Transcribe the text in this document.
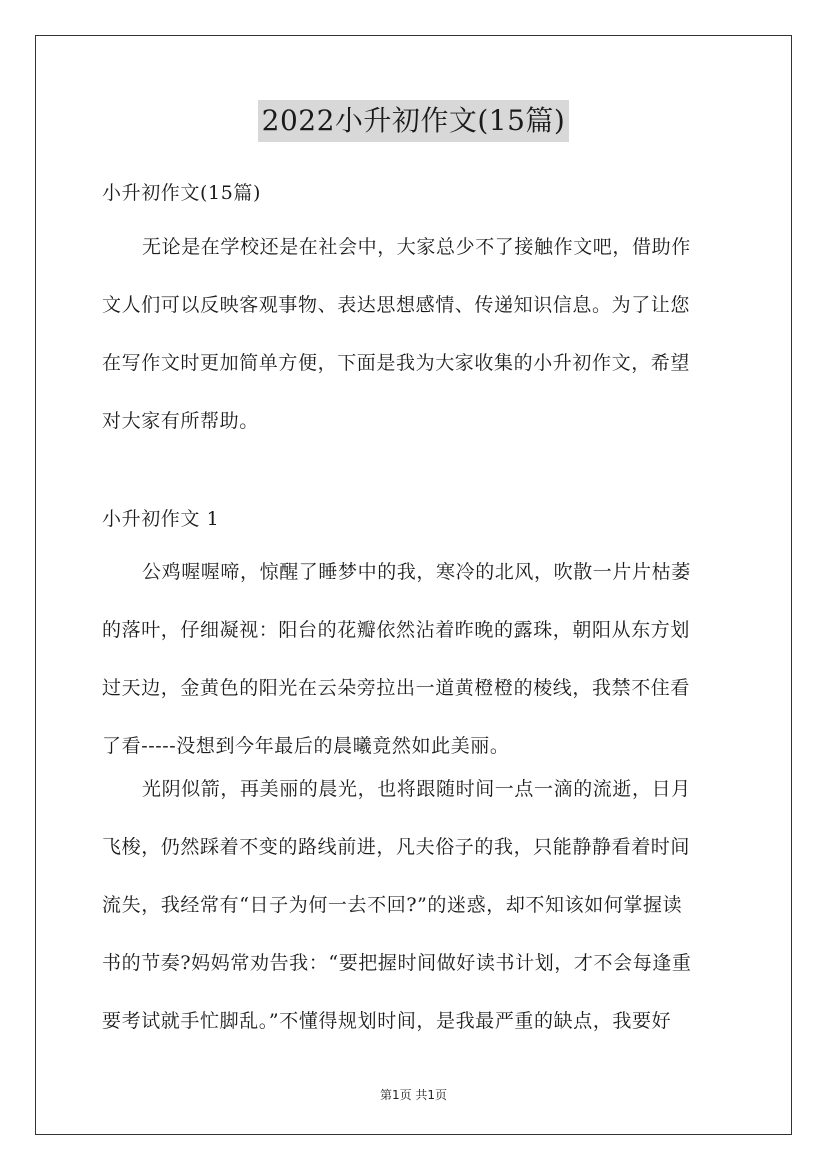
2022小升初作文(15篇)
小升初作文(15篇)
无论是在学校还是在社会中，大家总少不了接触作文吧，借助作
文人们可以反映客观事物、表达思想感情、传递知识信息。为了让您
在写作文时更加简单方便，下面是我为大家收集的小升初作文，希望
对大家有所帮助。
小升初作文 1
公鸡喔喔啼，惊醒了睡梦中的我，寒冷的北风，吹散一片片枯萎
的落叶，仔细凝视：阳台的花瓣依然沾着昨晚的露珠，朝阳从东方划
过天边，金黄色的阳光在云朵旁拉出一道黄橙橙的棱线，我禁不住看
了看-----没想到今年最后的晨曦竟然如此美丽。
光阴似箭，再美丽的晨光，也将跟随时间一点一滴的流逝，日月
飞梭，仍然踩着不变的路线前进，凡夫俗子的我，只能静静看着时间
流失，我经常有“日子为何一去不回?”的迷惑，却不知该如何掌握读
书的节奏?妈妈常劝告我：“要把握时间做好读书计划，才不会每逢重
要考试就手忙脚乱。”不懂得规划时间，是我最严重的缺点，我要好
第1页 共1页
